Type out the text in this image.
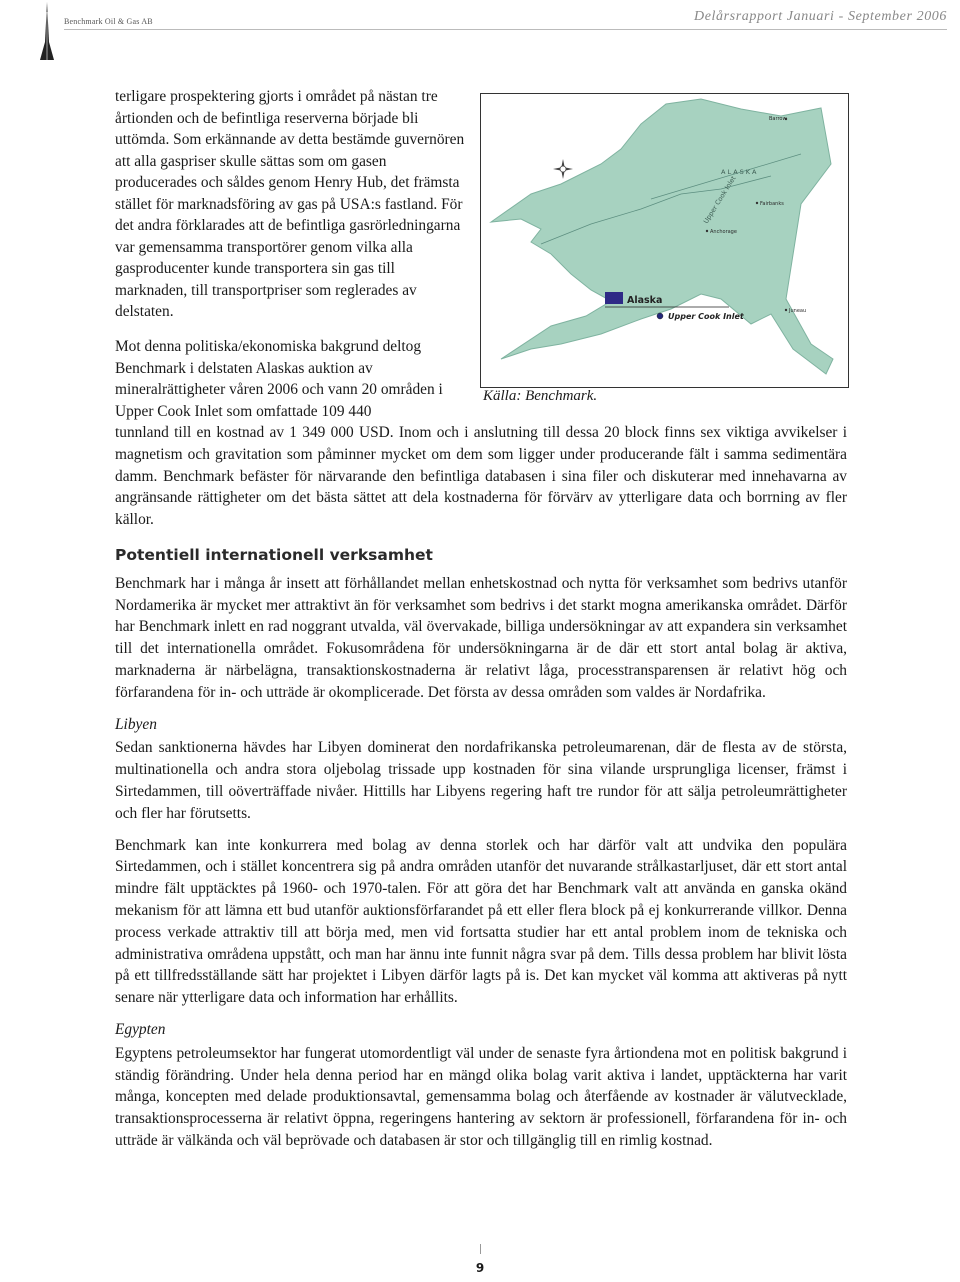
Benchmark Oil & Gas AB	Delårsrapport Januari - September 2006

terligare prospektering gjorts i området på nästan tre årtionden och de befintliga reserverna började bli uttömda. Som erkännande av detta bestämde guvernören att alla gaspriser skulle sättas som om gasen producerades och såldes genom Henry Hub, det främsta stället för marknadsföring av gas på USA:s fastland. För det andra förklarades att de befintliga gasrörledningarna var gemensamma transportörer genom vilka alla gasproducenter kunde transportera sin gas till marknaden, till transportpriser som reglerades av delstaten.

ALASKA
Upper Cook Inlet
Barrow
Fairbanks
Anchorage
Juneau
Alaska
Upper Cook Inlet
Källa: Benchmark.

Mot denna politiska/ekonomiska bakgrund deltog Benchmark i delstaten Alaskas auktion av mineralrättigheter våren 2006 och vann 20 områden i Upper Cook Inlet som omfattade 109 440

tunnland till en kostnad av 1 349 000 USD. Inom och i anslutning till dessa 20 block finns sex viktiga avvikelser i magnetism och gravitation som påminner mycket om dem som ligger under producerande fält i samma sedimentära damm. Benchmark befäster för närvarande den befintliga databasen i sina filer och diskuterar med innehavarna av angränsande rättigheter om det bästa sättet att dela kostnaderna för förvärv av ytterligare data och borrning av fler källor.

Potentiell internationell verksamhet

Benchmark har i många år insett att förhållandet mellan enhetskostnad och nytta för verksamhet som bedrivs utanför Nordamerika är mycket mer attraktivt än för verksamhet som bedrivs i det starkt mogna amerikanska området. Därför har Benchmark inlett en rad noggrant utvalda, väl övervakade, billiga undersökningar av att expandera sin verksamhet till det internationella området. Fokusområdena för undersökningarna är de där ett stort antal bolag är aktiva, marknaderna är närbelägna, transaktionskostnaderna är relativt låga, processtransparensen är relativt hög och förfarandena för in- och utträde är okomplicerade. Det första av dessa områden som valdes är Nordafrika.

Libyen

Sedan sanktionerna hävdes har Libyen dominerat den nordafrikanska petroleumarenan, där de flesta av de största, multinationella och andra stora oljebolag trissade upp kostnaden för sina vilande ursprungliga licenser, främst i Sirtedammen, till oöverträffade nivåer. Hittills har Libyens regering haft tre rundor för att sälja petroleumrättigheter och fler har förutsetts.

Benchmark kan inte konkurrera med bolag av denna storlek och har därför valt att undvika den populära Sirtedammen, och i stället koncentrera sig på andra områden utanför det nuvarande strålkastarljuset, där ett stort antal mindre fält upptäcktes på 1960- och 1970-talen. För att göra det har Benchmark valt att använda en ganska okänd mekanism för att lämna ett bud utanför auktionsförfarandet på ett eller flera block på ej konkurrerande villkor. Denna process verkade attraktiv till att börja med, men vid fortsatta studier har ett antal problem inom de tekniska och administrativa områdena uppstått, och man har ännu inte funnit några svar på dem. Tills dessa problem har blivit lösta på ett tillfredsställande sätt har projektet i Libyen därför lagts på is. Det kan mycket väl komma att aktiveras på nytt senare när ytterligare data och information har erhållits.

Egypten

Egyptens petroleumsektor har fungerat utomordentligt väl under de senaste fyra årtiondena mot en politisk bakgrund i ständig förändring. Under hela denna period har en mängd olika bolag varit aktiva i landet, upptäckterna har varit många, koncepten med delade produktionsavtal, gemensamma bolag och återfående av kostnader är välutvecklade, transaktionsprocesserna är relativt öppna, regeringens hantering av sektorn är professionell, förfarandena för in- och utträde är välkända och väl beprövade och databasen är stor och tillgänglig till en rimlig kostnad.

9
